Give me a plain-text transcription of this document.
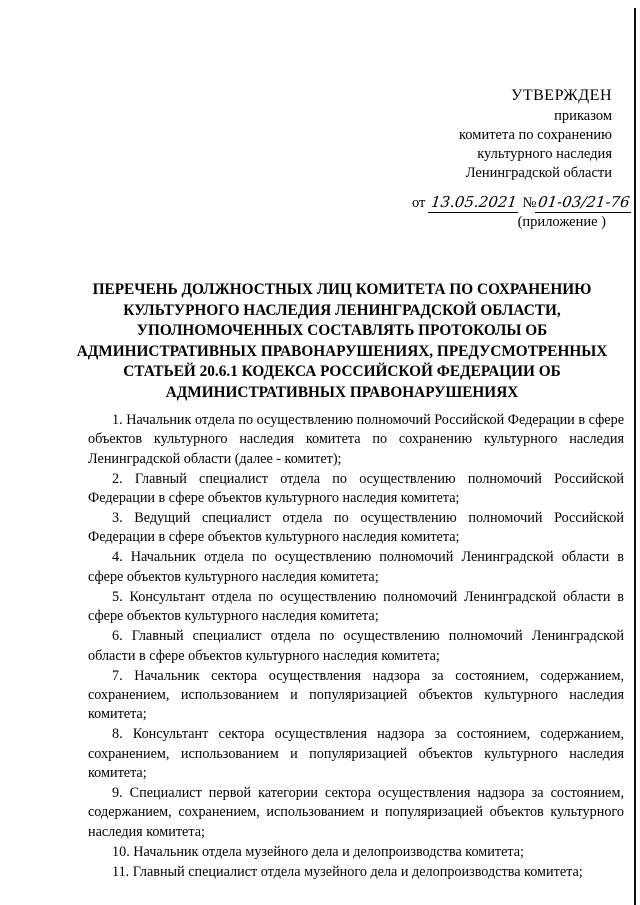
УТВЕРЖДЕН
приказом
комитета по сохранению
культурного наследия
Ленинградской области
от 13.05.2021 №01-03/21-76
(приложение )
ПЕРЕЧЕНЬ ДОЛЖНОСТНЫХ ЛИЦ КОМИТЕТА ПО СОХРАНЕНИЮ КУЛЬТУРНОГО НАСЛЕДИЯ ЛЕНИНГРАДСКОЙ ОБЛАСТИ, УПОЛНОМОЧЕННЫХ СОСТАВЛЯТЬ ПРОТОКОЛЫ ОБ АДМИНИСТРАТИВНЫХ ПРАВОНАРУШЕНИЯХ, ПРЕДУСМОТРЕННЫХ СТАТЬЕЙ 20.6.1 КОДЕКСА РОССИЙСКОЙ ФЕДЕРАЦИИ ОБ АДМИНИСТРАТИВНЫХ ПРАВОНАРУШЕНИЯХ

1. Начальник отдела по осуществлению полномочий Российской Федерации в сфере объектов культурного наследия комитета по сохранению культурного наследия Ленинградской области (далее - комитет);

2. Главный специалист отдела по осуществлению полномочий Российской Федерации в сфере объектов культурного наследия комитета;

3. Ведущий специалист отдела по осуществлению полномочий Российской Федерации в сфере объектов культурного наследия комитета;

4. Начальник отдела по осуществлению полномочий Ленинградской области в сфере объектов культурного наследия комитета;

5. Консультант отдела по осуществлению полномочий Ленинградской области в сфере объектов культурного наследия комитета;

6. Главный специалист отдела по осуществлению полномочий Ленинградской области в сфере объектов культурного наследия комитета;

7. Начальник сектора осуществления надзора за состоянием, содержанием, сохранением, использованием и популяризацией объектов культурного наследия комитета;

8. Консультант сектора осуществления надзора за состоянием, содержанием, сохранением, использованием и популяризацией объектов культурного наследия комитета;

9. Специалист первой категории сектора осуществления надзора за состоянием, содержанием, сохранением, использованием и популяризацией объектов культурного наследия комитета;

10. Начальник отдела музейного дела и делопроизводства комитета;

11. Главный специалист отдела музейного дела и делопроизводства комитета;
